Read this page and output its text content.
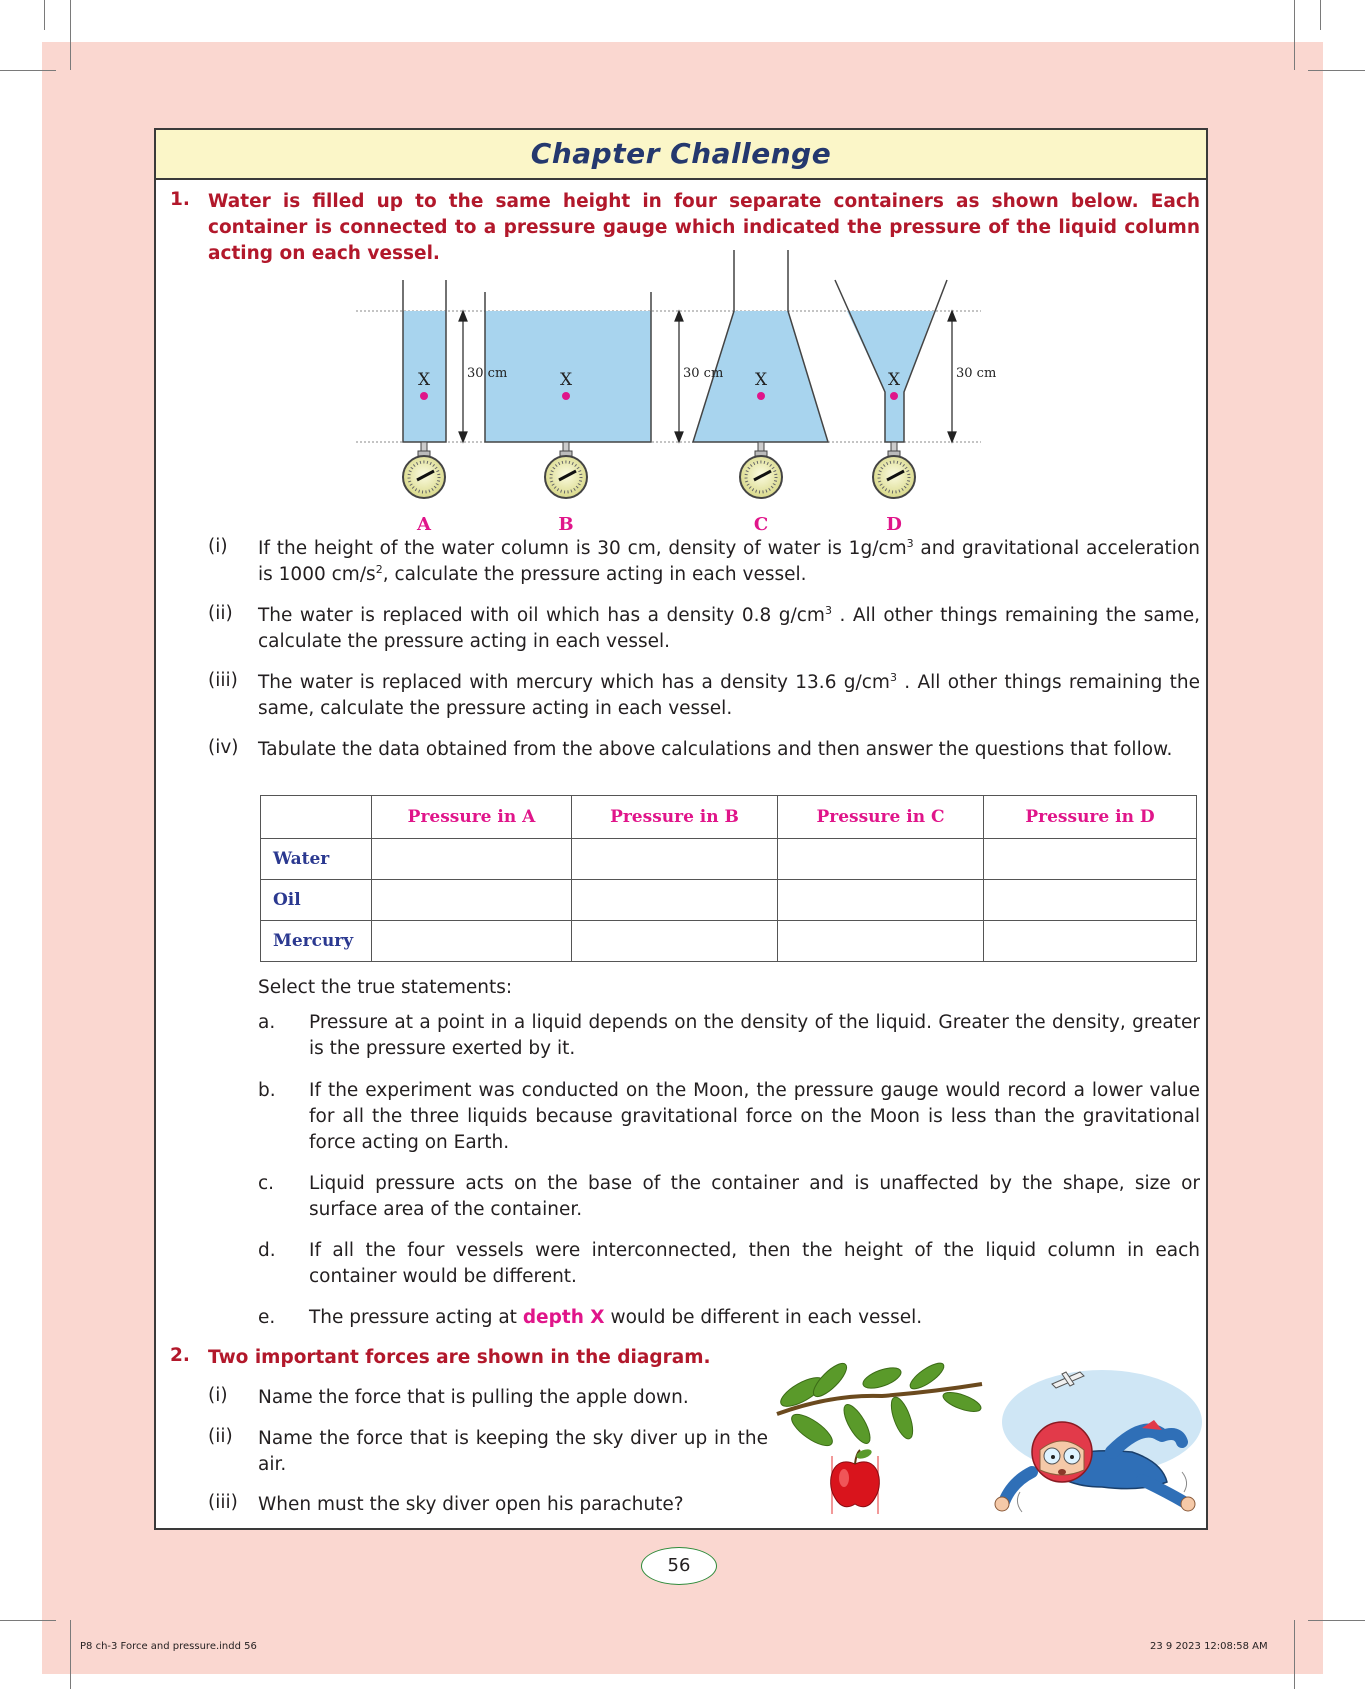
Chapter Challenge
1. Water is filled up to the same height in four separate containers as shown below. Each container is connected to a pressure gauge which indicated the pressure of the liquid column acting on each vessel.
30 cm	30 cm	30 cm
X	X	X	X
A	B	C	D
(i) If the height of the water column is 30 cm, density of water is $1g/cm^3$ and gravitational acceleration is 1000 $cm/s^2$, calculate the pressure acting in each vessel.
(ii) The water is replaced with oil which has a density 0.8 $g/cm^3$ . All other things remaining the same, calculate the pressure acting in each vessel.
(iii) The water is replaced with mercury which has a density 13.6 $g/cm^3$ . All other things remaining the same, calculate the pressure acting in each vessel.
(iv) Tabulate the data obtained from the above calculations and then answer the questions that follow.
	Pressure in A	Pressure in B	Pressure in C	Pressure in D
Water				
Oil				
Mercury				
Select the true statements:
a. Pressure at a point in a liquid depends on the density of the liquid. Greater the density, greater is the pressure exerted by it.
b. If the experiment was conducted on the Moon, the pressure gauge would record a lower value for all the three liquids because gravitational force on the Moon is less than the gravitational force acting on Earth.
c. Liquid pressure acts on the base of the container and is unaffected by the shape, size or surface area of the container.
d. If all the four vessels were interconnected, then the height of the liquid column in each container would be different.
e. The pressure acting at depth X would be different in each vessel.
2. Two important forces are shown in the diagram.
(i) Name the force that is pulling the apple down.
(ii) Name the force that is keeping the sky diver up in the air.
(iii) When must the sky diver open his parachute?
56
P8 ch-3 Force and pressure.indd 56	23 9 2023 12:08:58 AM
